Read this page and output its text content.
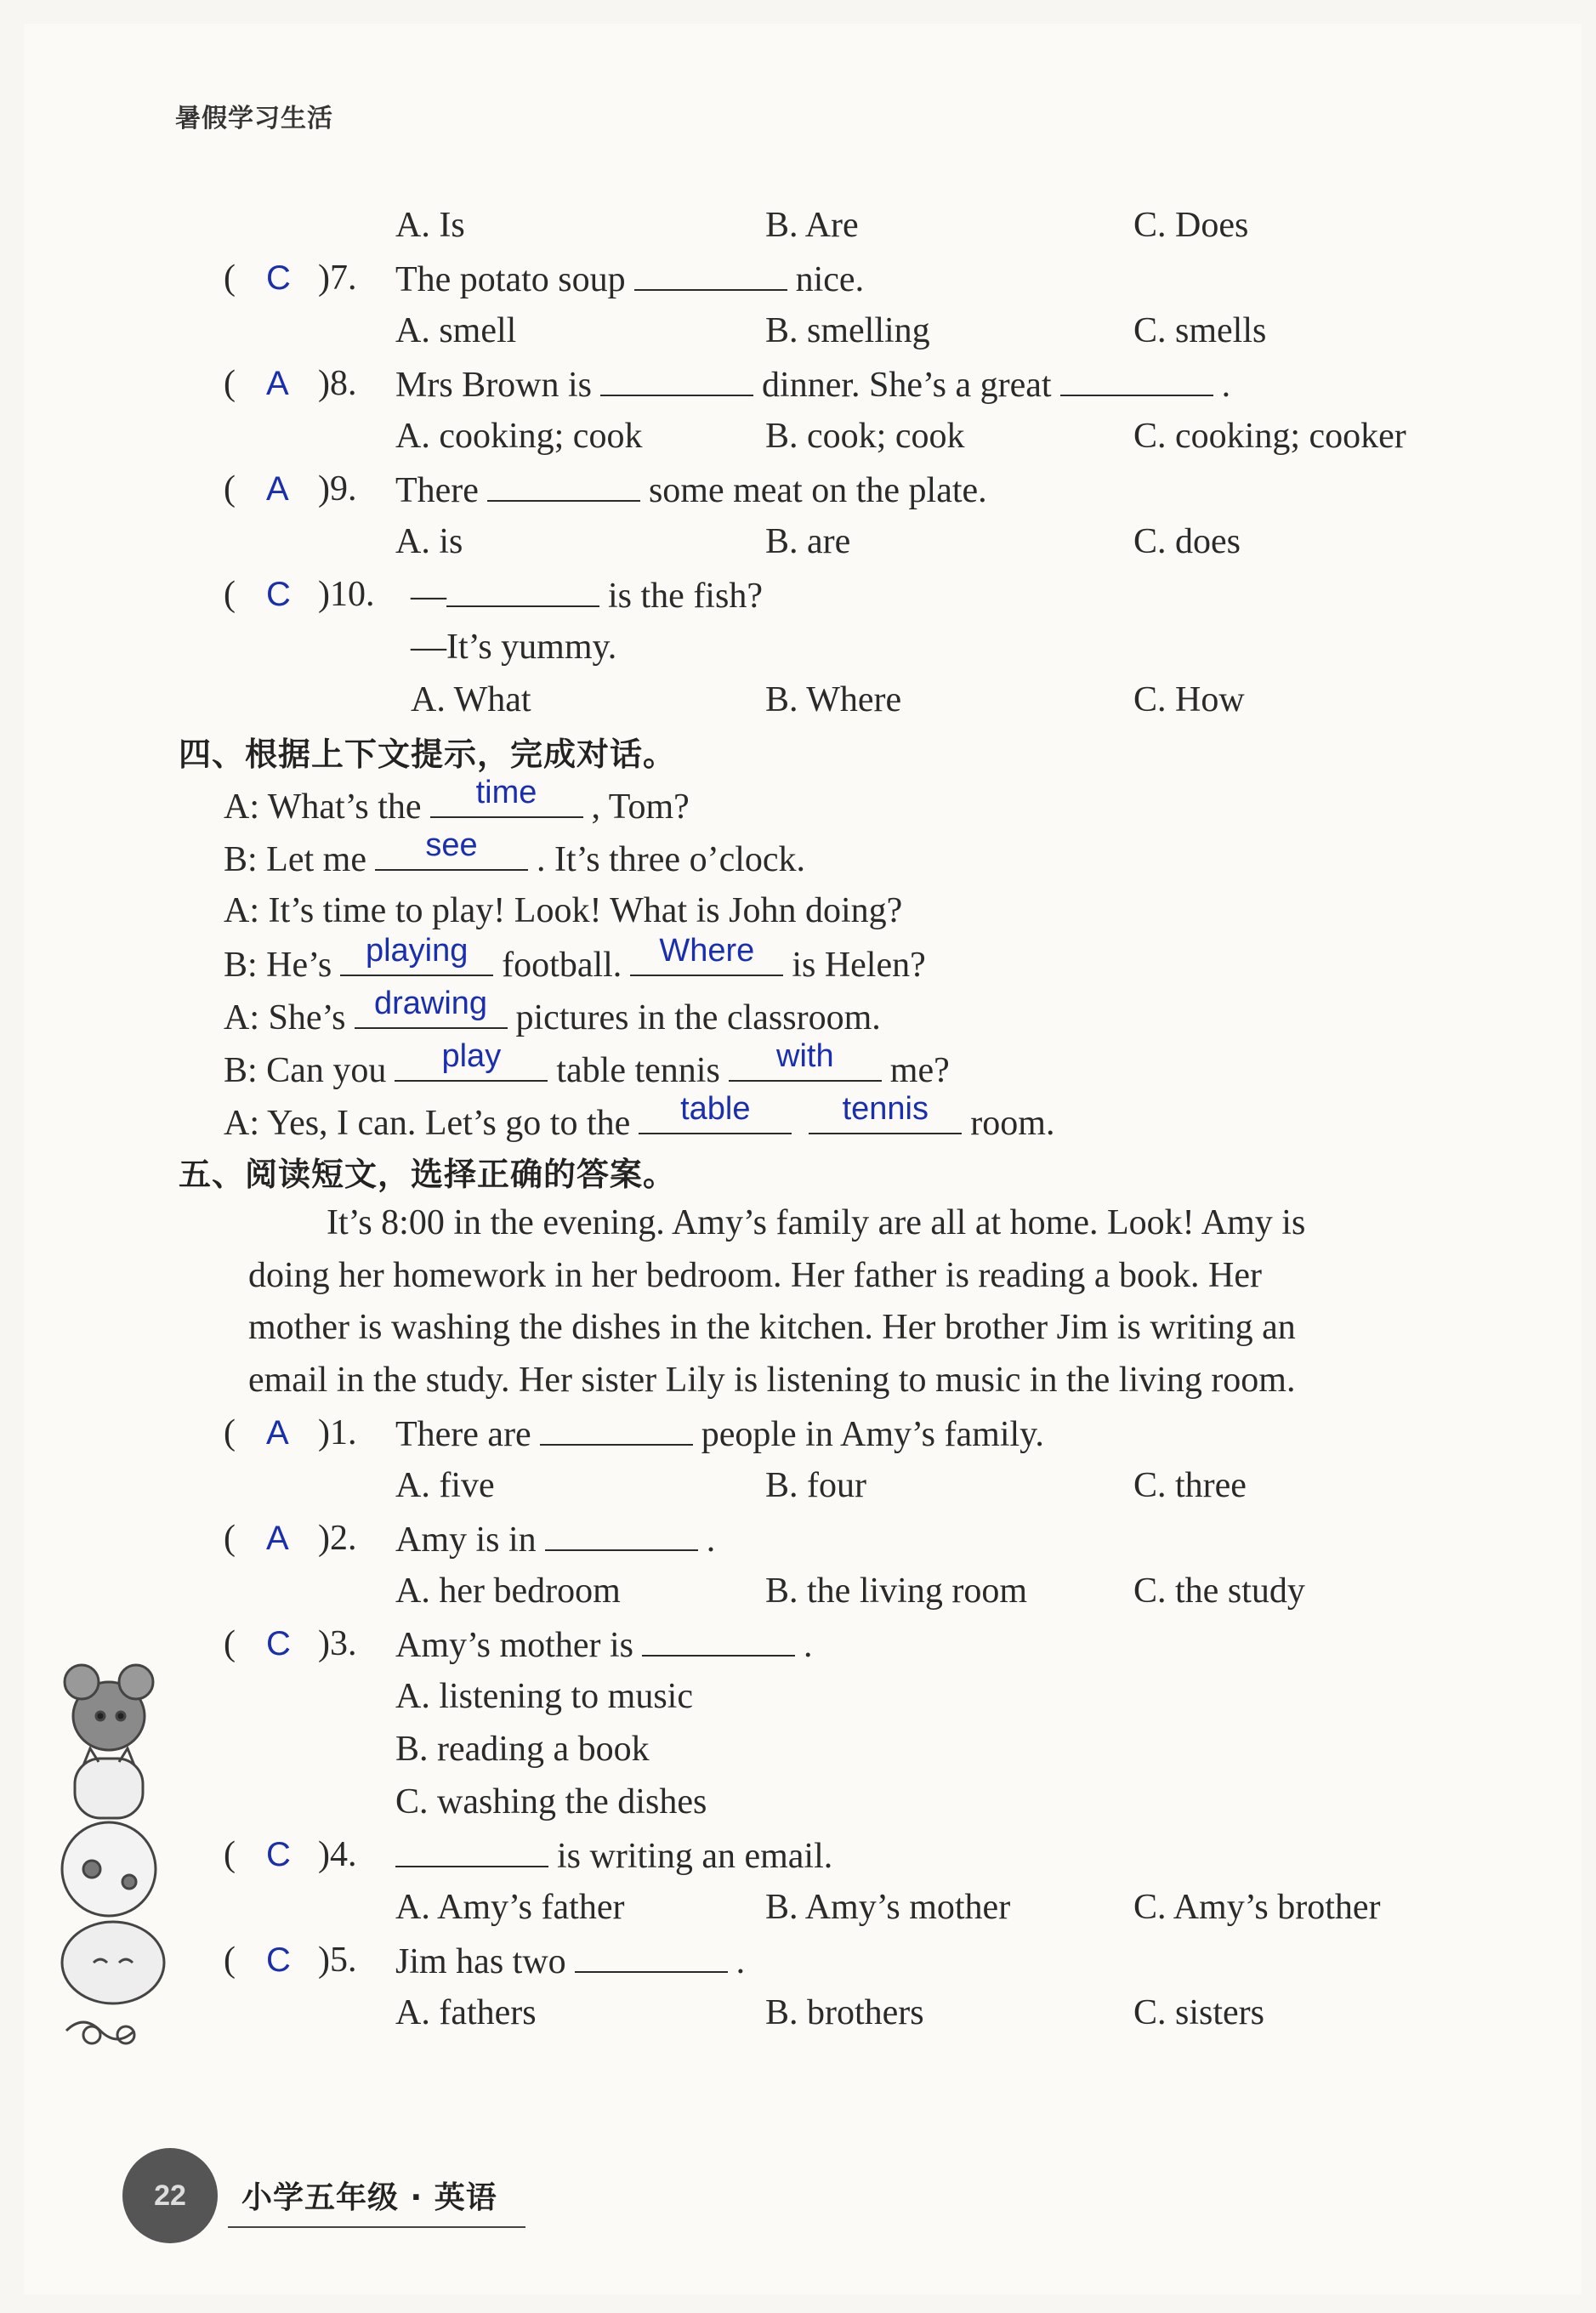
暑假学习生活
A. Is	B. Are	C. Does
( C )7. The potato soup	nice.
A. smell	B. smelling	C. smells
( A )8. Mrs Brown is	dinner. She’s a great	.
A. cooking; cook	B. cook; cook	C. cooking; cooker
( A )9. There	some meat on the plate.
A. is	B. are	C. does
( C )10. —	is the fish?
—It’s yummy.
A. What	B. Where	C. How
四、根据上下文提示，完成对话。
A: What’s the	time	, Tom?
B: Let me	see	. It’s three o’clock.
A: It’s time to play! Look! What is John doing?
B: He’s	playing football.	Where	is Helen?
A: She’s drawing pictures in the classroom.
B: Can you	play	table tennis	with	me?
A: Yes, I can. Let’s go to the	table	tennis	room.
五、阅读短文，选择正确的答案。
It’s 8:00 in the evening. Amy’s family are all at home. Look! Amy is
doing her homework in her bedroom. Her father is reading a book. Her
mother is washing the dishes in the kitchen. Her brother Jim is writing an
email in the study. Her sister Lily is listening to music in the living room.
( A )1. There are	people in Amy’s family.
A. five	B. four	C. three
( A )2. Amy is in	.
A. her bedroom	B. the living room	C. the study
( C )3. Amy’s mother is	.
A. listening to music
B. reading a book
C. washing the dishes
( C )4.	is writing an email.
A. Amy’s father	B. Amy’s mother	C. Amy’s brother
( C )5. Jim has two	.
A. fathers	B. brothers	C. sisters
22	小学五年级 · 英语
